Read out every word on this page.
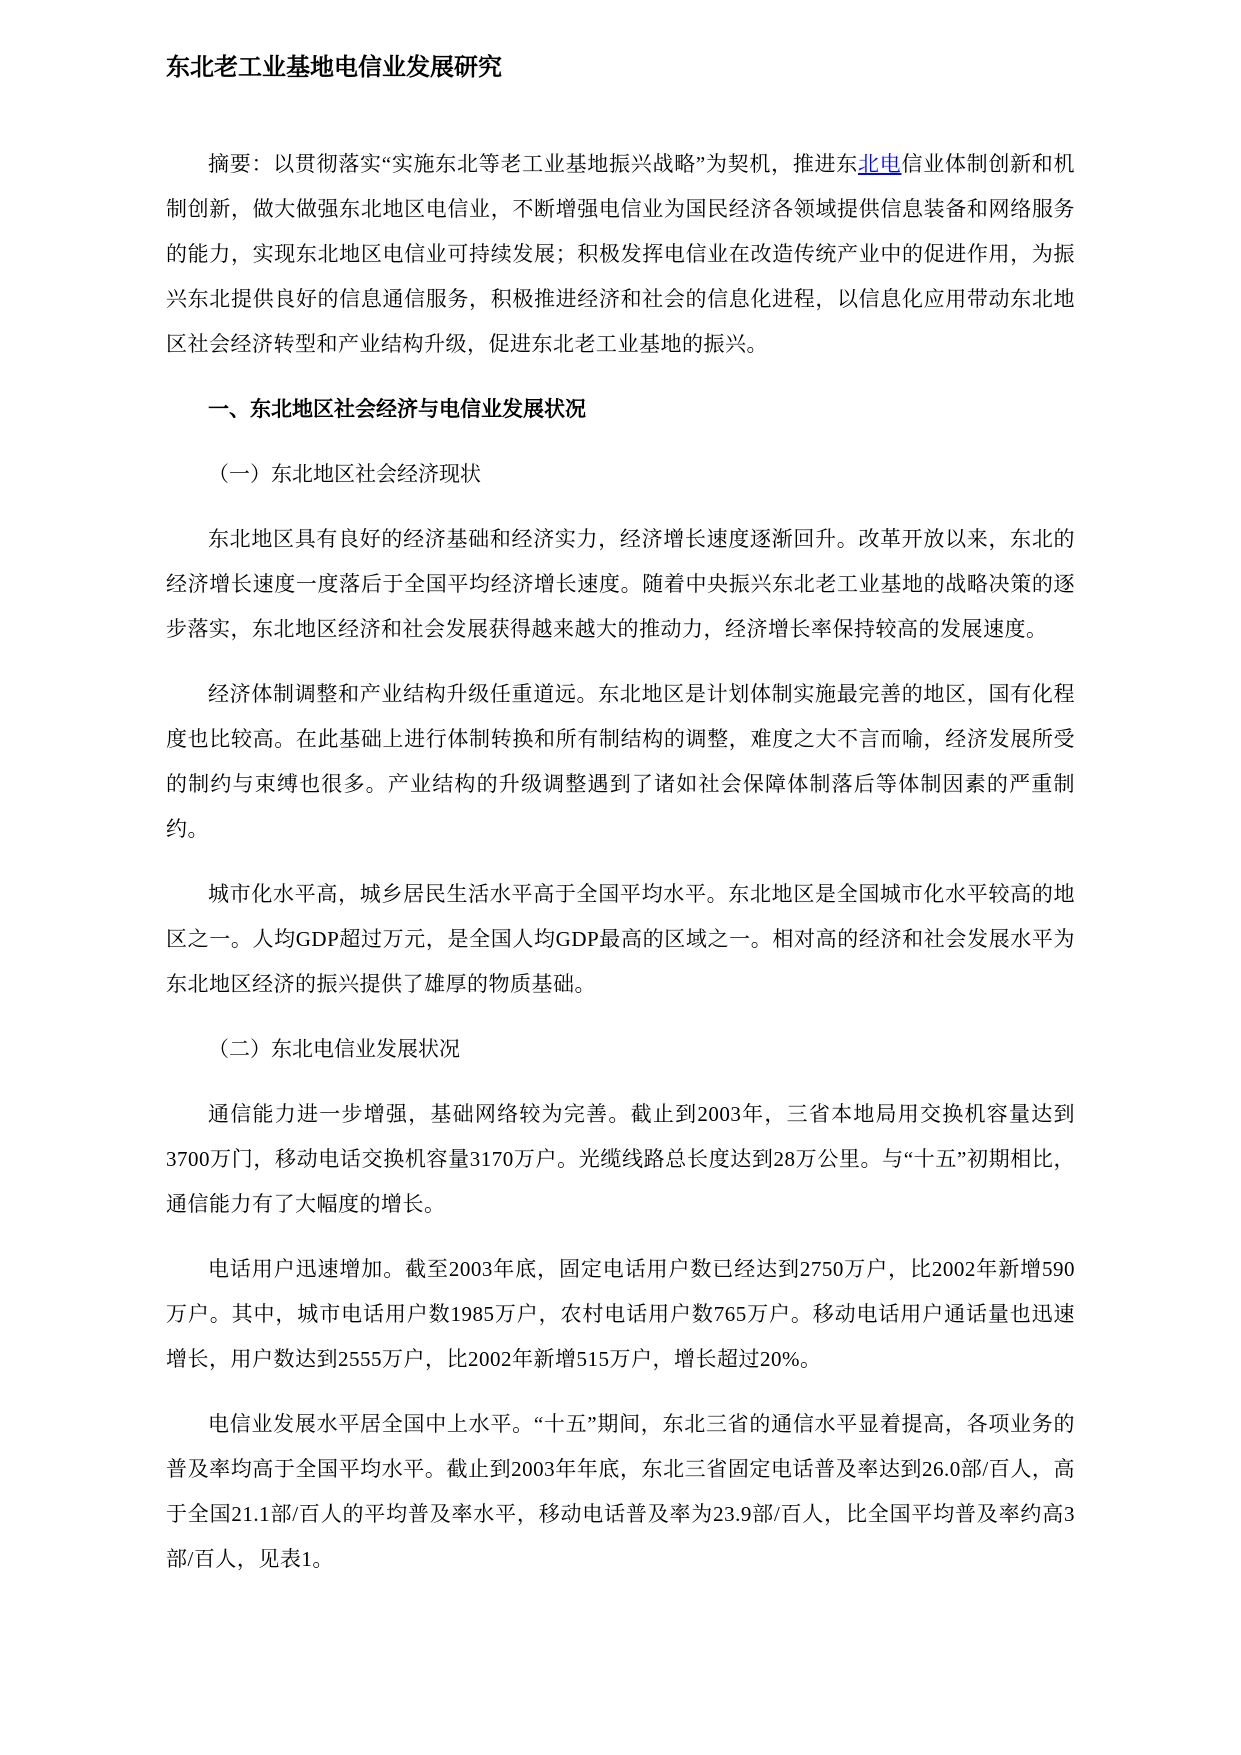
东北老工业基地电信业发展研究

摘要：以贯彻落实“实施东北等老工业基地振兴战略”为契机，推进东北电信业体制创新和机制创新，做大做强东北地区电信业，不断增强电信业为国民经济各领域提供信息装备和网络服务的能力，实现东北地区电信业可持续发展；积极发挥电信业在改造传统产业中的促进作用，为振兴东北提供良好的信息通信服务，积极推进经济和社会的信息化进程，以信息化应用带动东北地区社会经济转型和产业结构升级，促进东北老工业基地的振兴。

一、东北地区社会经济与电信业发展状况
（一）东北地区社会经济现状

东北地区具有良好的经济基础和经济实力，经济增长速度逐渐回升。改革开放以来，东北的经济增长速度一度落后于全国平均经济增长速度。随着中央振兴东北老工业基地的战略决策的逐步落实，东北地区经济和社会发展获得越来越大的推动力，经济增长率保持较高的发展速度。

经济体制调整和产业结构升级任重道远。东北地区是计划体制实施最完善的地区，国有化程度也比较高。在此基础上进行体制转换和所有制结构的调整，难度之大不言而喻，经济发展所受的制约与束缚也很多。产业结构的升级调整遇到了诸如社会保障体制落后等体制因素的严重制约。

城市化水平高，城乡居民生活水平高于全国平均水平。东北地区是全国城市化水平较高的地区之一。人均GDP超过万元，是全国人均GDP最高的区域之一。相对高的经济和社会发展水平为东北地区经济的振兴提供了雄厚的物质基础。

（二）东北电信业发展状况

通信能力进一步增强，基础网络较为完善。截止到2003年，三省本地局用交换机容量达到3700万门，移动电话交换机容量3170万户。光缆线路总长度达到28万公里。与“十五”初期相比，通信能力有了大幅度的增长。

电话用户迅速增加。截至2003年底，固定电话用户数已经达到2750万户，比2002年新增590万户。其中，城市电话用户数1985万户，农村电话用户数765万户。移动电话用户通话量也迅速增长，用户数达到2555万户，比2002年新增515万户，增长超过20%。

电信业发展水平居全国中上水平。“十五”期间，东北三省的通信水平显着提高，各项业务的普及率均高于全国平均水平。截止到2003年年底，东北三省固定电话普及率达到26.0部/百人，高于全国21.1部/百人的平均普及率水平，移动电话普及率为23.9部/百人，比全国平均普及率约高3部/百人，见表1。
